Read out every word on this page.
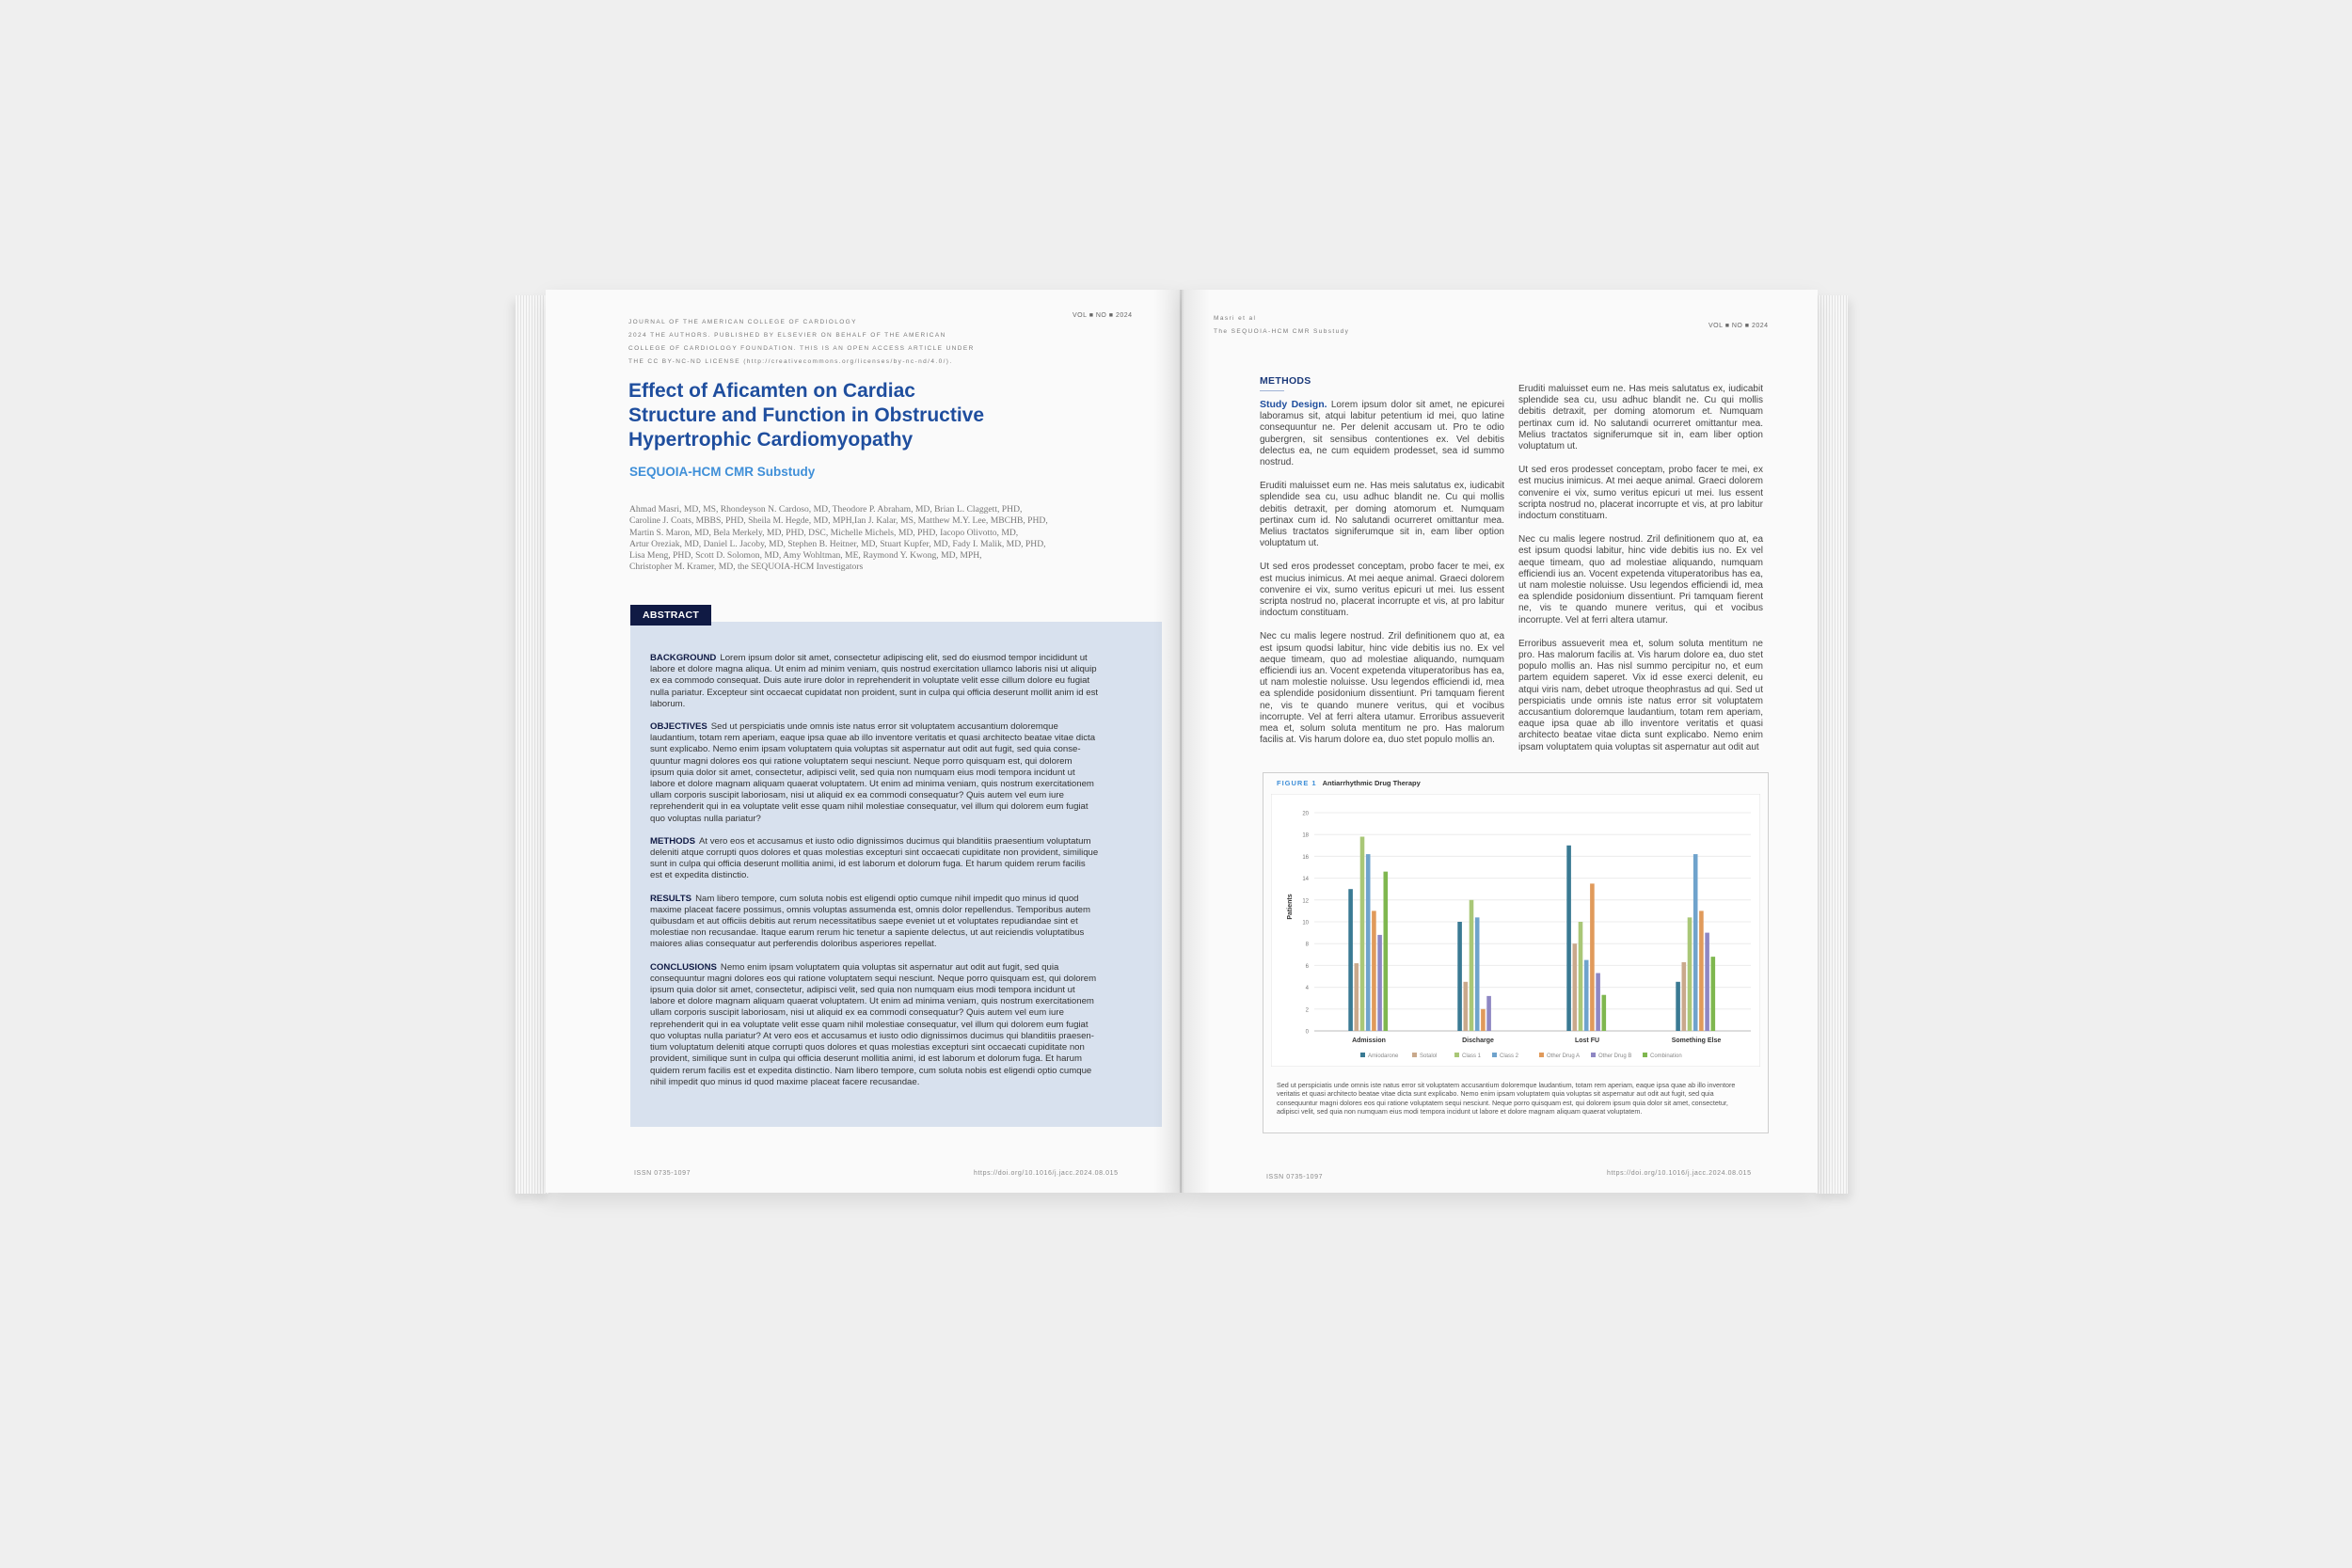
JOURNAL OF THE AMERICAN COLLEGE OF CARDIOLOGY
2024 THE AUTHORS. PUBLISHED BY ELSEVIER ON BEHALF OF THE AMERICAN
COLLEGE OF CARDIOLOGY FOUNDATION. THIS IS AN OPEN ACCESS ARTICLE UNDER
THE CC BY-NC-ND LICENSE (http://creativecommons.org/licenses/by-nc-nd/4.0/).
VOL ■ NO ■ 2024
Effect of Aficamten on Cardiac
Structure and Function in Obstructive
Hypertrophic Cardiomyopathy
SEQUOIA-HCM CMR Substudy
Ahmad Masri, MD, MS, Rhondeyson N. Cardoso, MD, Theodore P. Abraham, MD, Brian L. Claggett, PHD,
Caroline J. Coats, MBBS, PHD, Sheila M. Hegde, MD, MPH,Ian J. Kalar, MS, Matthew M.Y. Lee, MBCHB, PHD,
Martin S. Maron, MD, Bela Merkely, MD, PHD, DSC, Michelle Michels, MD, PHD, Iacopo Olivotto, MD,
Artur Oreziak, MD, Daniel L. Jacoby, MD, Stephen B. Heitner, MD, Stuart Kupfer, MD, Fady I. Malik, MD, PHD,
Lisa Meng, PHD, Scott D. Solomon, MD, Amy Wohltman, ME, Raymond Y. Kwong, MD, MPH,
Christopher M. Kramer, MD, the SEQUOIA-HCM Investigators
ABSTRACT
BACKGROUND Lorem ipsum dolor sit amet, consectetur adipiscing elit, sed do eiusmod tempor incididunt ut
labore et dolore magna aliqua. Ut enim ad minim veniam, quis nostrud exercitation ullamco laboris nisi ut aliquip
ex ea commodo consequat. Duis aute irure dolor in reprehenderit in voluptate velit esse cillum dolore eu fugiat
nulla pariatur. Excepteur sint occaecat cupidatat non proident, sunt in culpa qui officia deserunt mollit anim id est
laborum.
OBJECTIVES Sed ut perspiciatis unde omnis iste natus error sit voluptatem accusantium doloremque
laudantium, totam rem aperiam, eaque ipsa quae ab illo inventore veritatis et quasi architecto beatae vitae dicta
sunt explicabo. Nemo enim ipsam voluptatem quia voluptas sit aspernatur aut odit aut fugit, sed quia conse-
quuntur magni dolores eos qui ratione voluptatem sequi nesciunt. Neque porro quisquam est, qui dolorem
ipsum quia dolor sit amet, consectetur, adipisci velit, sed quia non numquam eius modi tempora incidunt ut
labore et dolore magnam aliquam quaerat voluptatem. Ut enim ad minima veniam, quis nostrum exercitationem
ullam corporis suscipit laboriosam, nisi ut aliquid ex ea commodi consequatur? Quis autem vel eum iure
reprehenderit qui in ea voluptate velit esse quam nihil molestiae consequatur, vel illum qui dolorem eum fugiat
quo voluptas nulla pariatur?
METHODS At vero eos et accusamus et iusto odio dignissimos ducimus qui blanditiis praesentium voluptatum
deleniti atque corrupti quos dolores et quas molestias excepturi sint occaecati cupiditate non provident, similique
sunt in culpa qui officia deserunt mollitia animi, id est laborum et dolorum fuga. Et harum quidem rerum facilis
est et expedita distinctio.
RESULTS Nam libero tempore, cum soluta nobis est eligendi optio cumque nihil impedit quo minus id quod
maxime placeat facere possimus, omnis voluptas assumenda est, omnis dolor repellendus. Temporibus autem
quibusdam et aut officiis debitis aut rerum necessitatibus saepe eveniet ut et voluptates repudiandae sint et
molestiae non recusandae. Itaque earum rerum hic tenetur a sapiente delectus, ut aut reiciendis voluptatibus
maiores alias consequatur aut perferendis doloribus asperiores repellat.
CONCLUSIONS Nemo enim ipsam voluptatem quia voluptas sit aspernatur aut odit aut fugit, sed quia
consequuntur magni dolores eos qui ratione voluptatem sequi nesciunt. Neque porro quisquam est, qui dolorem
ipsum quia dolor sit amet, consectetur, adipisci velit, sed quia non numquam eius modi tempora incidunt ut
labore et dolore magnam aliquam quaerat voluptatem. Ut enim ad minima veniam, quis nostrum exercitationem
ullam corporis suscipit laboriosam, nisi ut aliquid ex ea commodi consequatur? Quis autem vel eum iure
reprehenderit qui in ea voluptate velit esse quam nihil molestiae consequatur, vel illum qui dolorem eum fugiat
quo voluptas nulla pariatur? At vero eos et accusamus et iusto odio dignissimos ducimus qui blanditiis praesen-
tium voluptatum deleniti atque corrupti quos dolores et quas molestias excepturi sint occaecati cupiditate non
provident, similique sunt in culpa qui officia deserunt mollitia animi, id est laborum et dolorum fuga. Et harum
quidem rerum facilis est et expedita distinctio. Nam libero tempore, cum soluta nobis est eligendi optio cumque
nihil impedit quo minus id quod maxime placeat facere recusandae.
ISSN 0735-1097	https://doi.org/10.1016/j.jacc.2024.08.015
Masri et al
The SEQUOIA-HCM CMR Substudy
VOL ■ NO ■ 2024
METHODS

Study Design. Lorem ipsum dolor sit amet, ne epicurei laboramus sit, atqui labitur petentium id mei, quo latine consequuntur ne. Per delenit accusam ut. Pro te odio gubergren, sit sensibus contentiones ex. Vel debitis delectus ea, ne cum equidem prodesset, sea id summo nostrud.

Eruditi maluisset eum ne. Has meis salutatus ex, iudicabit splendide sea cu, usu adhuc blandit ne. Cu qui mollis debitis detraxit, per doming atomorum et. Numquam pertinax cum id. No salutandi ocurreret omittantur mea. Melius tractatos signiferumque sit in, eam liber option voluptatum ut.

Ut sed eros prodesset conceptam, probo facer te mei, ex est mucius inimicus. At mei aeque animal. Graeci dolorem convenire ei vix, sumo veritus epicuri ut mei. Ius essent scripta nostrud no, placerat incorrupte et vis, at pro labitur indoctum constituam.

Nec cu malis legere nostrud. Zril definitionem quo at, ea est ipsum quodsi labitur, hinc vide debitis ius no. Ex vel aeque timeam, quo ad molestiae aliquando, numquam efficiendi ius an. Vocent expetenda vituperatoribus has ea, ut nam molestie noluisse. Usu legendos efficiendi id, mea ea splendide posidonium dissentiunt. Pri tamquam fierent ne, vis te quando munere veritus, qui et vocibus incorrupte. Vel at ferri altera utamur. Erroribus assueverit mea et, solum soluta mentitum ne pro. Has malorum facilis at. Vis harum dolore ea, duo stet populo mollis an.

Eruditi maluisset eum ne. Has meis salutatus ex, iudicabit splendide sea cu, usu adhuc blandit ne. Cu qui mollis debitis detraxit, per doming atomorum et. Numquam pertinax cum id. No salutandi ocurreret omittantur mea. Melius tractatos signiferumque sit in, eam liber option voluptatum ut.

Ut sed eros prodesset conceptam, probo facer te mei, ex est mucius inimicus. At mei aeque animal. Graeci dolorem convenire ei vix, sumo veritus epicuri ut mei. Ius essent scripta nostrud no, placerat incorrupte et vis, at pro labitur indoctum constituam.

Nec cu malis legere nostrud. Zril definitionem quo at, ea est ipsum quodsi labitur, hinc vide debitis ius no. Ex vel aeque timeam, quo ad molestiae aliquando, numquam efficiendi ius an. Vocent expetenda vituperatoribus has ea, ut nam molestie noluisse. Usu legendos efficiendi id, mea ea splendide posidonium dissentiunt. Pri tamquam fierent ne, vis te quando munere veritus, qui et vocibus incorrupte. Vel at ferri altera utamur.

Erroribus assueverit mea et, solum soluta mentitum ne pro. Has malorum facilis at. Vis harum dolore ea, duo stet populo mollis an. Has nisl summo percipitur no, et eum partem equidem saperet. Vix id esse exerci delenit, eu atqui viris nam, debet utroque theophrastus ad qui. Sed ut perspiciatis unde omnis iste natus error sit voluptatem accusantium doloremque laudantium, totam rem aperiam, eaque ipsa quae ab illo inventore veritatis et quasi architecto beatae vitae dicta sunt explicabo. Nemo enim ipsam voluptatem quia voluptas sit aspernatur aut odit aut

FIGURE 1 Antiarrhythmic Drug Therapy
Admission	Discharge	Lost FU	Something Else
0
2
4
6
8
10
12
14
16
18
20
Amiodarone	Sotalol	Class 1	Class 2	Other Drug A	Other Drug B	Combination
Patients
Sed ut perspiciatis unde omnis iste natus error sit voluptatem accusantium doloremque laudantium, totam rem aperiam, eaque ipsa quae ab illo inventore
veritatis et quasi architecto beatae vitae dicta sunt explicabo. Nemo enim ipsam voluptatem quia voluptas sit aspernatur aut odit aut fugit, sed quia
consequuntur magni dolores eos qui ratione voluptatem sequi nesciunt. Neque porro quisquam est, qui dolorem ipsum quia dolor sit amet, consectetur,
adipisci velit, sed quia non numquam eius modi tempora incidunt ut labore et dolore magnam aliquam quaerat voluptatem.
ISSN 0735-1097
https://doi.org/10.1016/j.jacc.2024.08.015
